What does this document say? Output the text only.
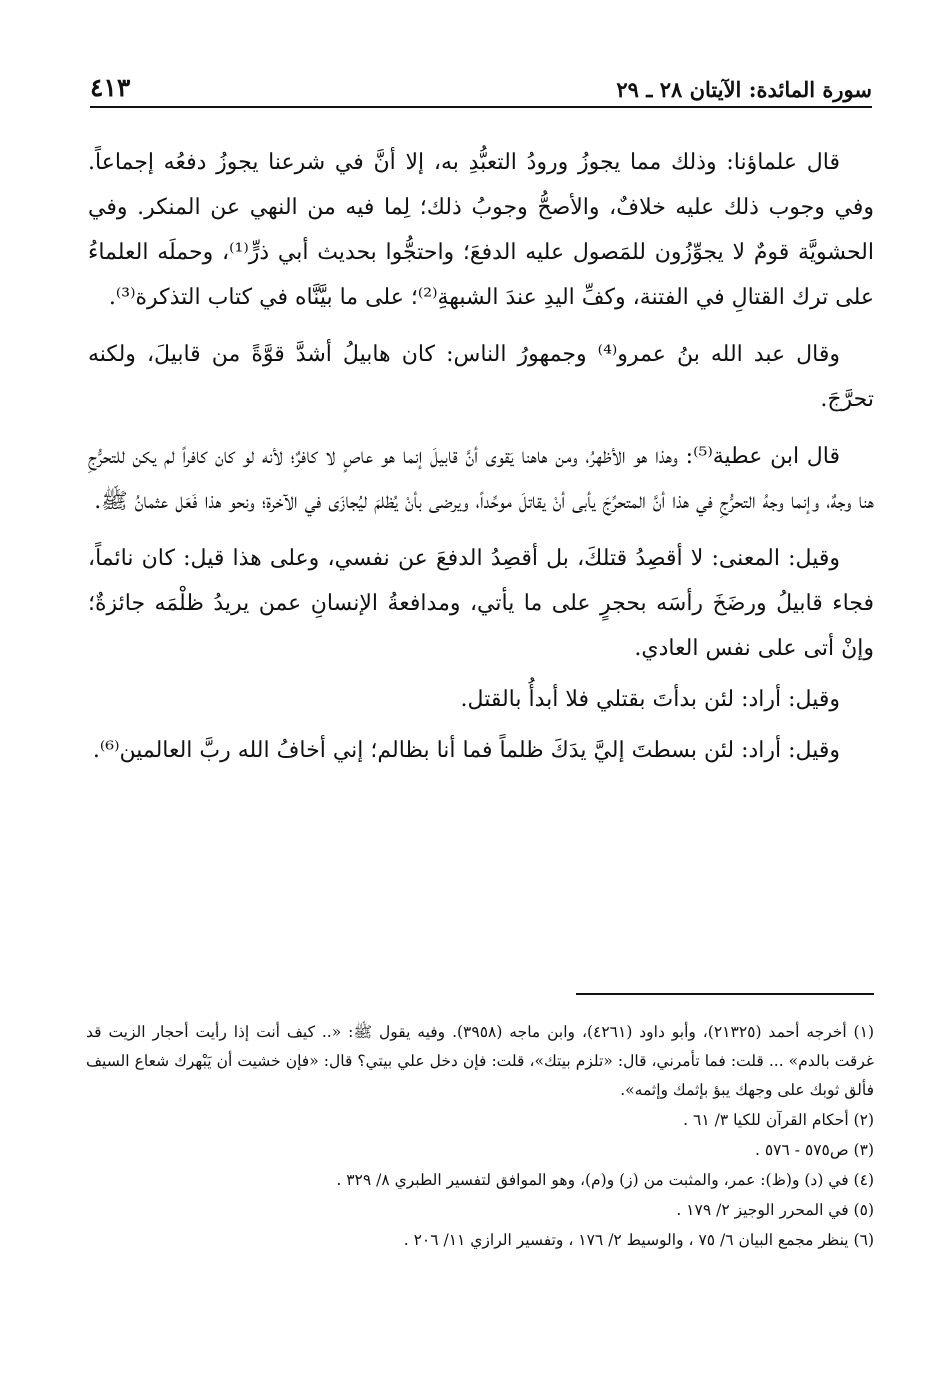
سورة المائدة: الآيتان ٢٨ ـ ٢٩
٤١٣

قال علماؤنا: وذلك مما يجوزُ ورودُ التعبُّدِ به، إلا أنَّ في شرعنا يجوزُ دفعُه إجماعاً. وفي وجوب ذلك عليه خلافٌ، والأصحُّ وجوبُ ذلك؛ لِما فيه من النهي عن المنكر. وفي الحشويَّة قومٌ لا يجوِّزُون للمَصول عليه الدفعَ؛ واحتجُّوا بحديث أبي ذرٍّ⁽¹⁾، وحملَه العلماءُ على ترك القتالِ في الفتنة، وكفِّ اليدِ عندَ الشبهةِ⁽²⁾؛ على ما بيَّنَّاه في كتاب التذكرة⁽³⁾.

وقال عبد الله بنُ عمرو⁽⁴⁾ وجمهورُ الناس: كان هابيلُ أشدَّ قوَّةً من قابيلَ، ولكنه تحرَّجَ.

قال ابن عطية⁽⁵⁾: وهذا هو الأظهرُ، ومن هاهنا يَقوى أنَّ قابيلَ إنما هو عاصٍ لا كافرٌ؛ لأنه لو كان كافراً لم يكن للتحرُّجِ هنا وجهٌ، وإنما وجهُ التحرُّجِ في هذا أنَّ المتحرِّجَ يأبى أنْ يقاتلَ موحِّداً، ويرضى بأنْ يُظلمَ ليُجازَى في الآخرة؛ ونحو هذا فَعَل عثمانُ ﷺ.

وقيل: المعنى: لا أقصِدُ قتلكَ، بل أقصِدُ الدفعَ عن نفسي، وعلى هذا قيل: كان نائماً، فجاء قابيلُ ورضَخَ رأسَه بحجرٍ على ما يأتي، ومدافعةُ الإنسانِ عمن يريدُ ظلْمَه جائزةٌ؛ وإنْ أتى على نفس العادي.

وقيل: أراد: لئن بدأتَ بقتلي فلا أبدأُ بالقتل.

وقيل: أراد: لئن بسطتَ إليَّ يدَكَ ظلماً فما أنا بظالم؛ إني أخافُ الله ربَّ العالمين⁽⁶⁾.

(١) أخرجه أحمد (٢١٣٢٥)، وأبو داود (٤٢٦١)، وابن ماجه (٣٩٥٨). وفيه يقول ﷺ: «.. كيف أنت إذا رأيت أحجار الزيت قد غرقت بالدم» ... قلت: فما تأمرني، قال: «تلزم بيتك»، قلت: فإن دخل علي بيتي؟ قال: «فإن خشيت أن يَبْهرك شعاع السيف فألق ثوبك على وجهك يبؤ بإثمك وإثمه».

(٢) أحكام القرآن للكيا ٣/ ٦١ .

(٣) ص٥٧٥ - ٥٧٦ .

(٤) في (د) و(ظ): عمر، والمثبت من (ز) و(م)، وهو الموافق لتفسير الطبري ٨/ ٣٢٩ .

(٥) في المحرر الوجيز ٢/ ١٧٩ .

(٦) ينظر مجمع البيان ٦/ ٧٥ ، والوسيط ٢/ ١٧٦ ، وتفسير الرازي ١١/ ٢٠٦ .
